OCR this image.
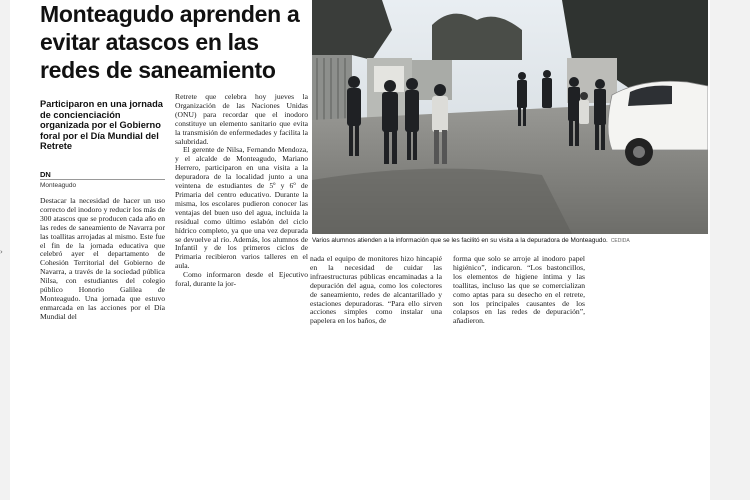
Monteagudo aprenden a evitar atascos en las redes de saneamiento

Participaron en una jornada de concienciación organizada por el Gobierno foral por el Día Mundial del Retrete

DN
Monteagudo

Destacar la necesidad de hacer un uso correcto del inodoro y reducir los más de 300 atascos que se producen cada año en las redes de saneamiento de Navarra por las toallitas arrojadas al mismo. Este fue el fin de la jornada educativa que celebró ayer el departamento de Cohesión Territorial del Gobierno de Navarra, a través de la sociedad pública Nilsa, con estudiantes del colegio público Honorio Galilea de Monteagudo. Una jornada que estuvo enmarcada en las acciones por el Día Mundial del

Retrete que celebra hoy jueves la Organización de las Naciones Unidas (ONU) para recordar que el inodoro constituye un elemento sanitario que evita la transmisión de enfermedades y facilita la salubridad.

El gerente de Nilsa, Fernando Mendoza, y el alcalde de Monteagudo, Mariano Herrero, participaron en una visita a la depuradora de la localidad junto a una veintena de estudiantes de 5º y 6º de Primaria del centro educativo. Durante la misma, los escolares pudieron conocer las ventajas del buen uso del agua, incluida la residual como último eslabón del ciclo hídrico completo, ya que una vez depurada se devuelve al río. Además, los alumnos de Infantil y de los primeros ciclos de Primaria recibieron varios talleres en el aula.

Como informaron desde el Ejecutivo foral, durante la jor-

Varios alumnos atienden a la información que se les facilitó en su visita a la depuradora de Monteagudo. CEDIDA

nada el equipo de monitores hizo hincapié en la necesidad de cuidar las infraestructuras públicas encaminadas a la depuración del agua, como los colectores de saneamiento, redes de alcantarillado y estaciones depuradoras. “Para ello sirven acciones simples como instalar una papelera en los baños, de

forma que solo se arroje al inodoro papel higiénico”, indicaron. “Los bastoncillos, los elementos de higiene íntima y las toallitas, incluso las que se comercializan como aptas para su desecho en el retrete, son los principales causantes de los colapsos en las redes de depuración”, añadieron.

›
